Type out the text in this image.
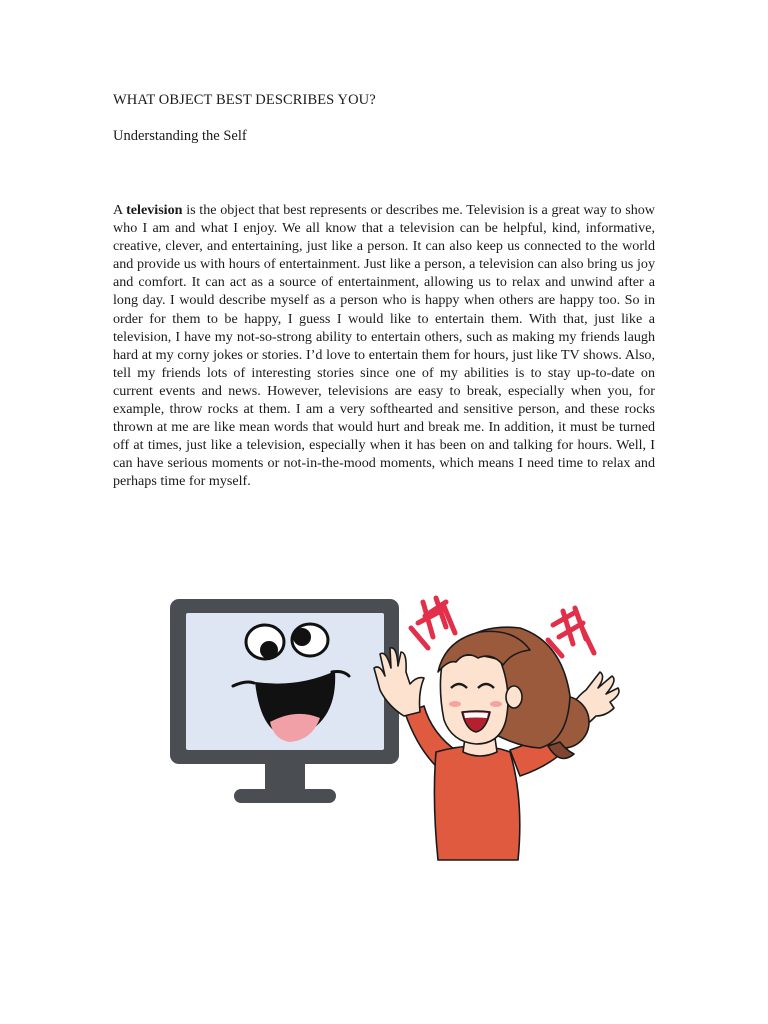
WHAT OBJECT BEST DESCRIBES YOU?
Understanding the Self

A television is the object that best represents or describes me. Television is a great way to show who I am and what I enjoy. We all know that a television can be helpful, kind, informative, creative, clever, and entertaining, just like a person. It can also keep us connected to the world and provide us with hours of entertainment. Just like a person, a television can also bring us joy and comfort. It can act as a source of entertainment, allowing us to relax and unwind after a long day. I would describe myself as a person who is happy when others are happy too. So in order for them to be happy, I guess I would like to entertain them. With that, just like a television, I have my not-so-strong ability to entertain others, such as making my friends laugh hard at my corny jokes or stories. I’d love to entertain them for hours, just like TV shows. Also, tell my friends lots of interesting stories since one of my abilities is to stay up-to-date on current events and news. However, televisions are easy to break, especially when you, for example, throw rocks at them. I am a very softhearted and sensitive person, and these rocks thrown at me are like mean words that would hurt and break me. In addition, it must be turned off at times, just like a television, especially when it has been on and talking for hours. Well, I can have serious moments or not-in-the-mood moments, which means I need time to relax and perhaps time for myself.
